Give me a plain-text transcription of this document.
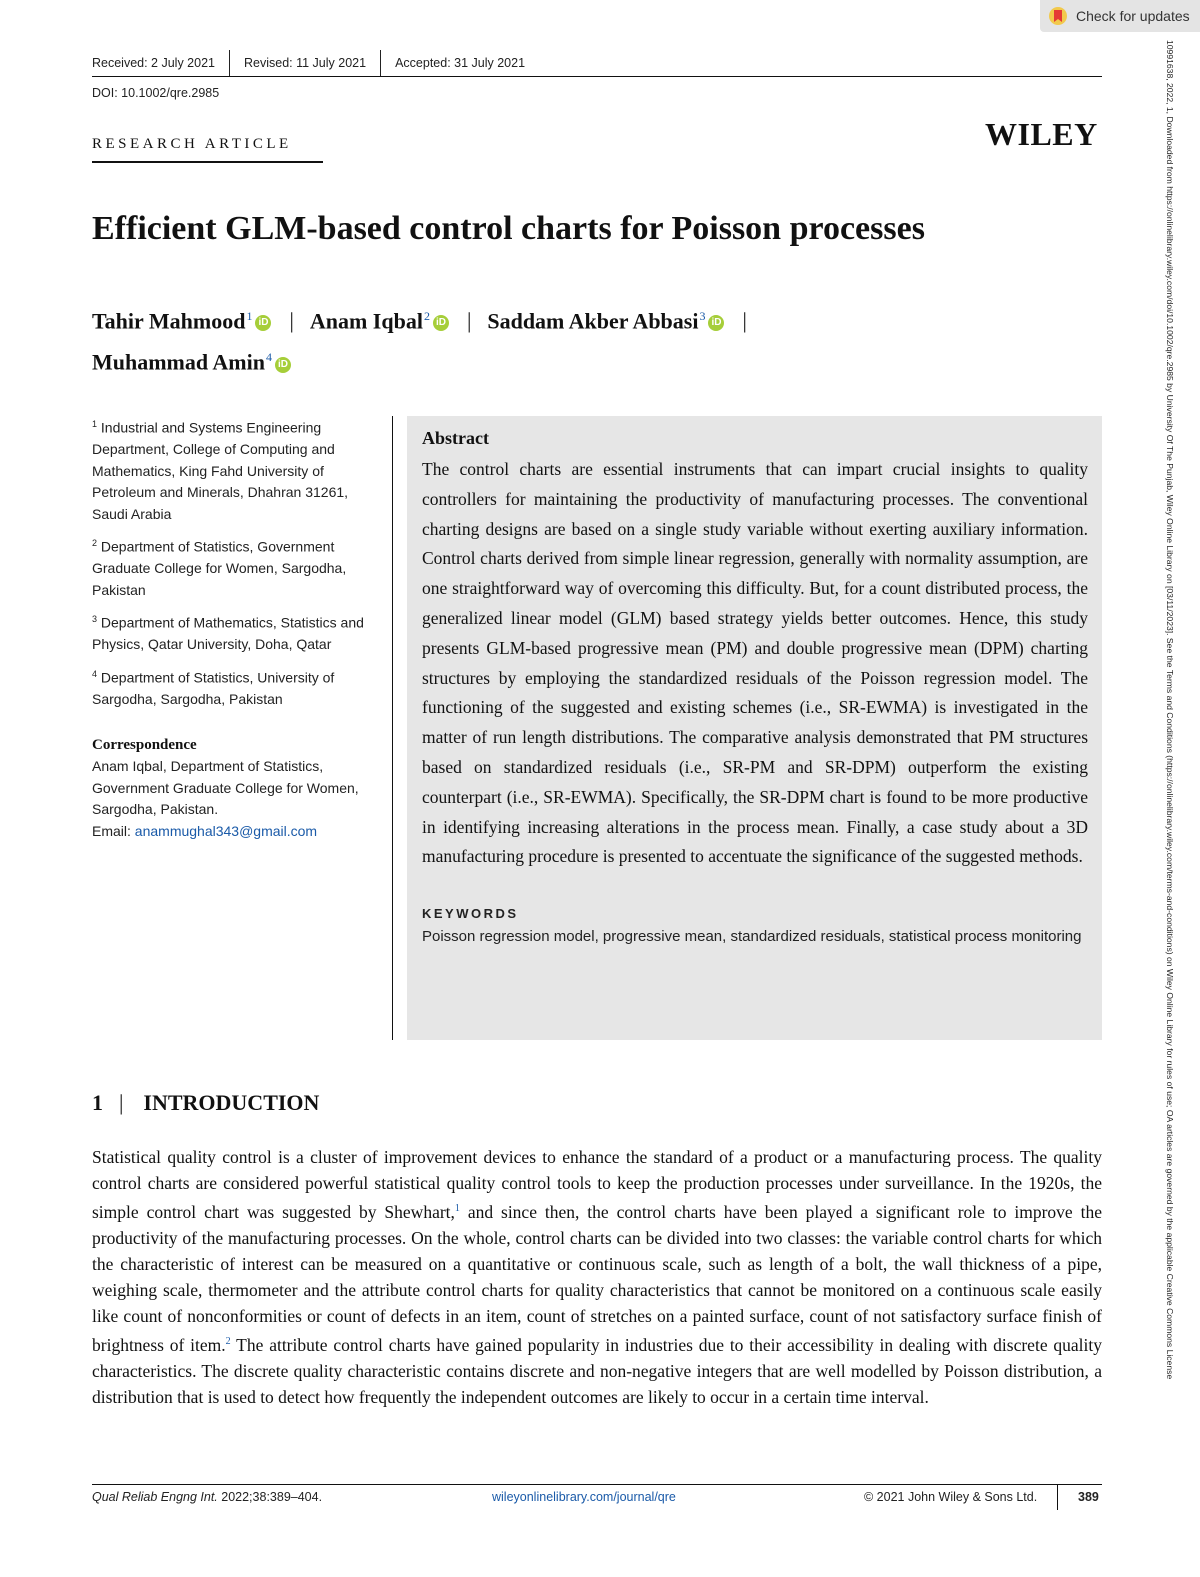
Check for updates
10991638, 2022, 1, Downloaded from https://onlinelibrary.wiley.com/doi/10.1002/qre.2985 by University Of The Punjab, Wiley Online Library on [03/11/2023]. See the Terms and Conditions (https://onlinelibrary.wiley.com/terms-and-conditions) on Wiley Online Library for rules of use; OA articles are governed by the applicable Creative Commons License
Received: 2 July 2021	Revised: 11 July 2021	Accepted: 31 July 2021
DOI: 10.1002/qre.2985
RESEARCH ARTICLE	WILEY
Efficient GLM-based control charts for Poisson processes
Tahir Mahmood$^1$ iD | Anam Iqbal$^2$ iD | Saddam Akber Abbasi$^3$ iD |
Muhammad Amin$^4$ iD

$^1$ Industrial and Systems Engineering Department, College of Computing and Mathematics, King Fahd University of Petroleum and Minerals, Dhahran 31261, Saudi Arabia

$^2$ Department of Statistics, Government Graduate College for Women, Sargodha, Pakistan

$^3$ Department of Mathematics, Statistics and Physics, Qatar University, Doha, Qatar

$^4$ Department of Statistics, University of Sargodha, Sargodha, Pakistan

Correspondence

Anam Iqbal, Department of Statistics, Government Graduate College for Women, Sargodha, Pakistan.

Email: anammughal343@gmail.com

Abstract

The control charts are essential instruments that can impart crucial insights to quality controllers for maintaining the productivity of manufacturing processes. The conventional charting designs are based on a single study variable without exerting auxiliary information. Control charts derived from simple linear regression, generally with normality assumption, are one straightforward way of overcoming this difficulty. But, for a count distributed process, the generalized linear model (GLM) based strategy yields better outcomes. Hence, this study presents GLM-based progressive mean (PM) and double progressive mean (DPM) charting structures by employing the standardized residuals of the Poisson regression model. The functioning of the suggested and existing schemes (i.e., SR-EWMA) is investigated in the matter of run length distributions. The comparative analysis demonstrated that PM structures based on standardized residuals (i.e., SR-PM and SR-DPM) outperform the existing counterpart (i.e., SR-EWMA). Specifically, the SR-DPM chart is found to be more productive in identifying increasing alterations in the process mean. Finally, a case study about a 3D manufacturing procedure is presented to accentuate the significance of the suggested methods.

KEYWORDS

Poisson regression model, progressive mean, standardized residuals, statistical process monitoring

1 | INTRODUCTION

Statistical quality control is a cluster of improvement devices to enhance the standard of a product or a manufacturing process. The quality control charts are considered powerful statistical quality control tools to keep the production processes under surveillance. In the 1920s, the simple control chart was suggested by Shewhart,$^1$ and since then, the control charts have been played a significant role to improve the productivity of the manufacturing processes. On the whole, control charts can be divided into two classes: the variable control charts for which the characteristic of interest can be measured on a quantitative or continuous scale, such as length of a bolt, the wall thickness of a pipe, weighing scale, thermometer and the attribute control charts for quality characteristics that cannot be monitored on a continuous scale easily like count of nonconformities or count of defects in an item, count of stretches on a painted surface, count of not satisfactory surface finish of brightness of item.$^2$ The attribute control charts have gained popularity in industries due to their accessibility in dealing with discrete quality characteristics. The discrete quality characteristic contains discrete and non-negative integers that are well modelled by Poisson distribution, a distribution that is used to detect how frequently the independent outcomes are likely to occur in a certain time interval.

Qual Reliab Engng Int. 2022;38:389–404.	wileyonlinelibrary.com/journal/qre	© 2021 John Wiley & Sons Ltd.	389
